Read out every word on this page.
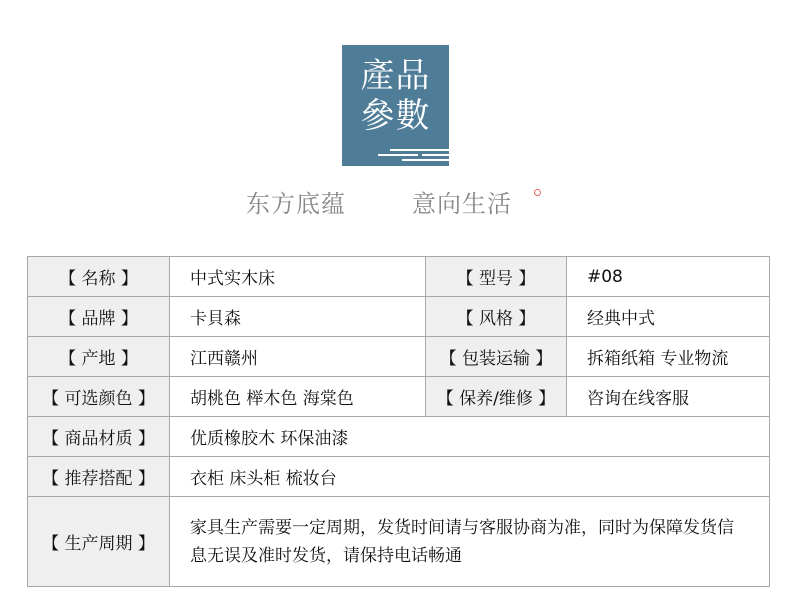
產品
參數
东方底蕴	意向生活
【 名称 】	中式实木床	【 型号 】	#08
【 品牌 】	卡貝森	【 风格 】	经典中式
【 产地 】	江西赣州	【 包装运输 】	拆箱纸箱 专业物流
【 可选颜色 】	胡桃色 榉木色 海棠色	【 保养/维修 】	咨询在线客服
【 商品材质 】	优质橡胶木 环保油漆		
【 推荐搭配 】	衣柜 床头柜 梳妆台		
【 生产周期 】	家具生产需要一定周期，发货时间请与客服协商为准，同时为保障发货信息无误及准时发货，请保持电话畅通		
